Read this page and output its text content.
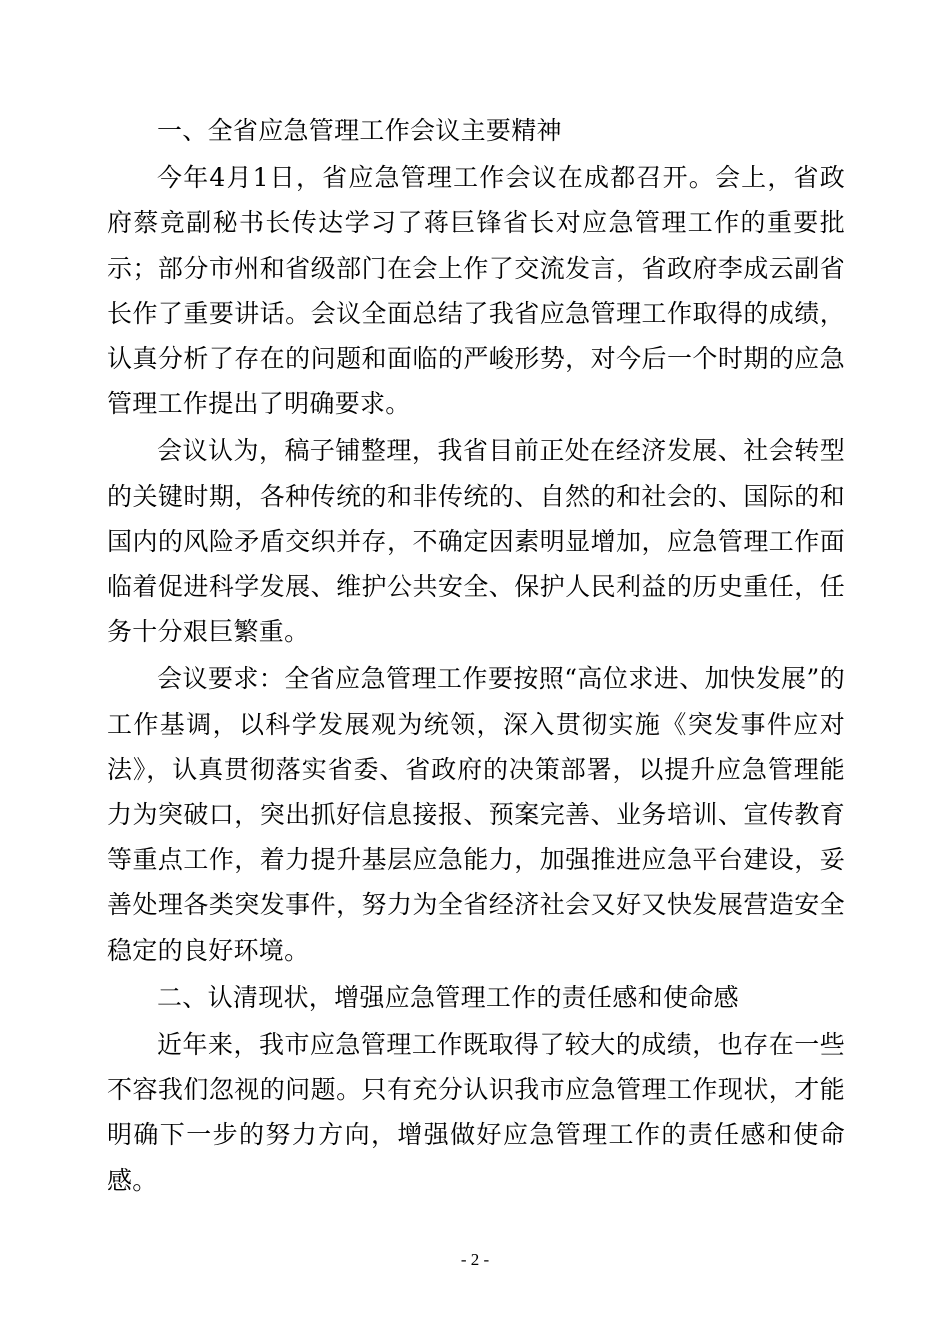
一、全省应急管理工作会议主要精神

今年4月1日，省应急管理工作会议在成都召开。会上，省政府蔡竞副秘书长传达学习了蒋巨锋省长对应急管理工作的重要批示；部分市州和省级部门在会上作了交流发言，省政府李成云副省长作了重要讲话。会议全面总结了我省应急管理工作取得的成绩，认真分析了存在的问题和面临的严峻形势，对今后一个时期的应急管理工作提出了明确要求。

会议认为，稿子铺整理，我省目前正处在经济发展、社会转型的关键时期，各种传统的和非传统的、自然的和社会的、国际的和国内的风险矛盾交织并存，不确定因素明显增加，应急管理工作面临着促进科学发展、维护公共安全、保护人民利益的历史重任，任务十分艰巨繁重。

会议要求：全省应急管理工作要按照“高位求进、加快发展”的工作基调，以科学发展观为统领，深入贯彻实施《突发事件应对法》，认真贯彻落实省委、省政府的决策部署，以提升应急管理能力为突破口，突出抓好信息接报、预案完善、业务培训、宣传教育等重点工作，着力提升基层应急能力，加强推进应急平台建设，妥善处理各类突发事件，努力为全省经济社会又好又快发展营造安全稳定的良好环境。

二、认清现状，增强应急管理工作的责任感和使命感

近年来，我市应急管理工作既取得了较大的成绩，也存在一些不容我们忽视的问题。只有充分认识我市应急管理工作现状，才能明确下一步的努力方向，增强做好应急管理工作的责任感和使命感。

- 2 -
